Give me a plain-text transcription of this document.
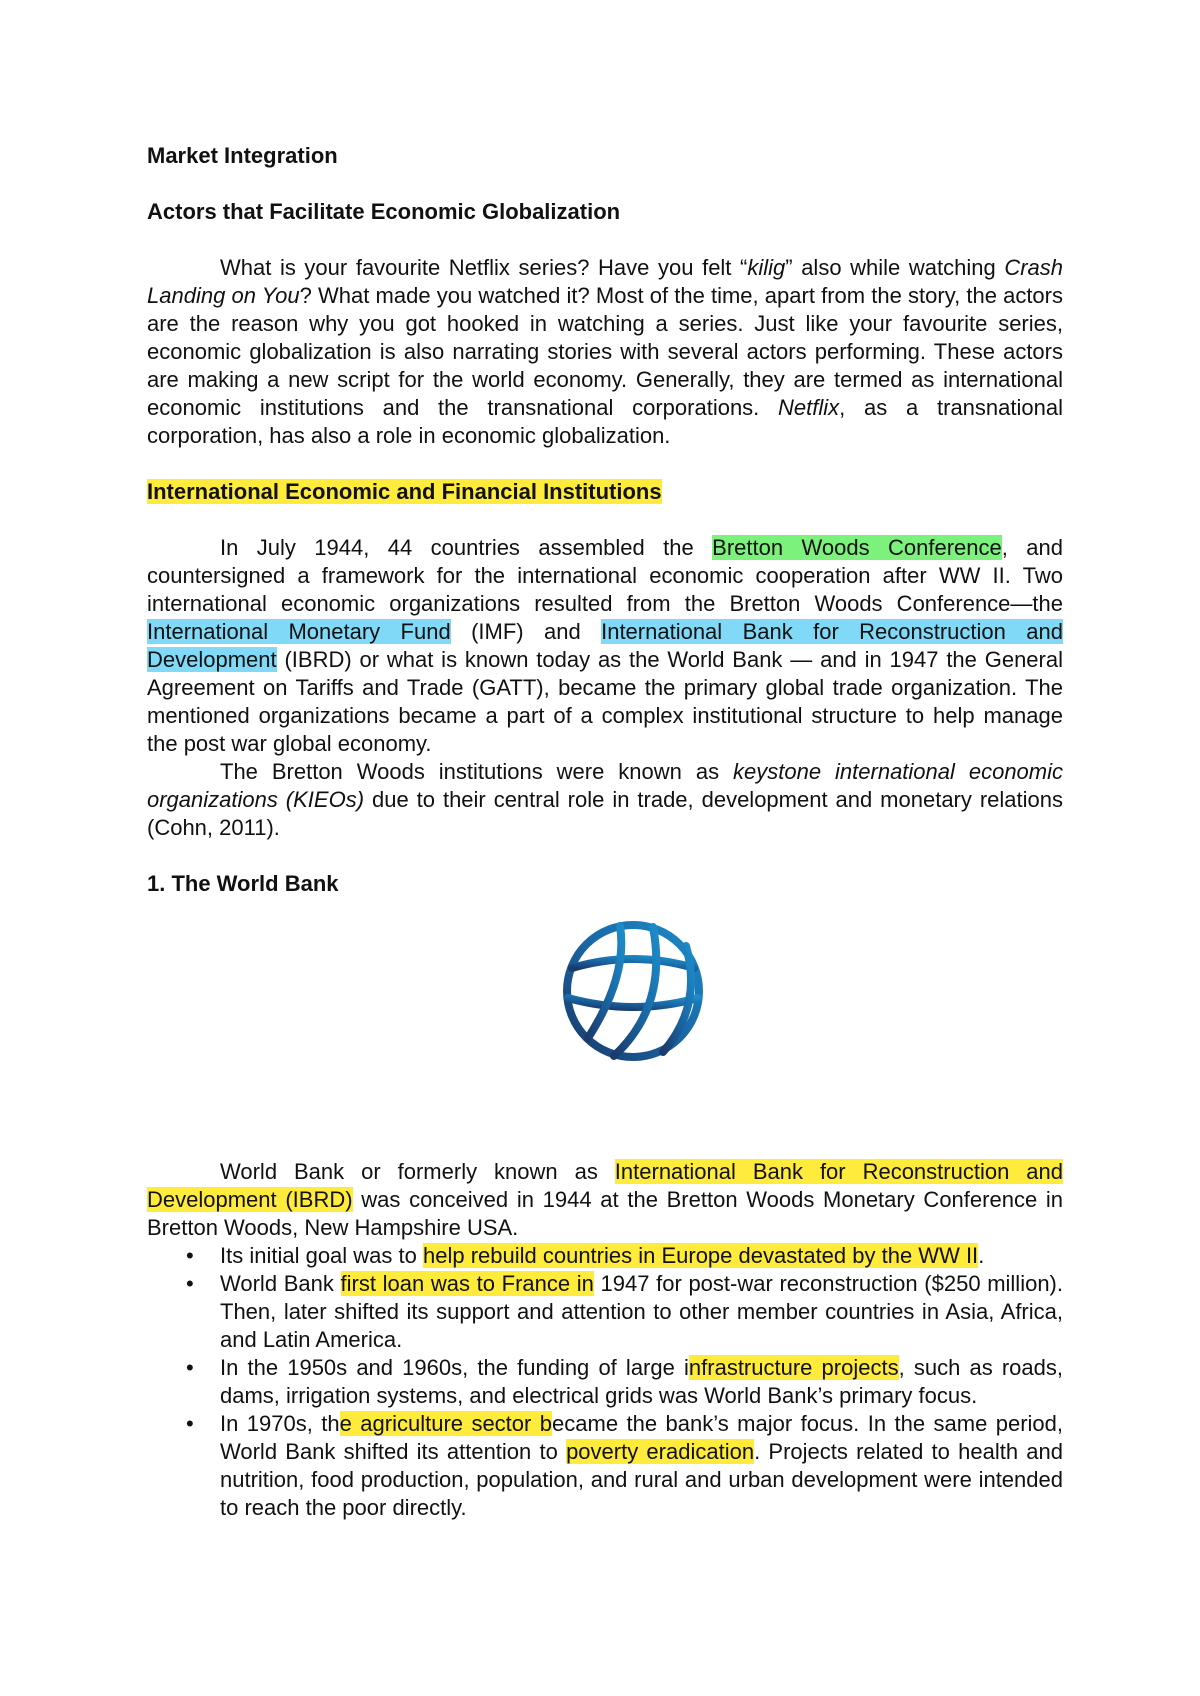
Market Integration
Actors that Facilitate Economic Globalization

What is your favourite Netflix series? Have you felt “kilig” also while watching Crash Landing on You? What made you watched it? Most of the time, apart from the story, the actors are the reason why you got hooked in watching a series. Just like your favourite series, economic globalization is also narrating stories with several actors performing. These actors are making a new script for the world economy. Generally, they are termed as international economic institutions and the transnational corporations. Netflix, as a transnational corporation, has also a role in economic globalization.

International Economic and Financial Institutions

In July 1944, 44 countries assembled the Bretton Woods Conference, and countersigned a framework for the international economic cooperation after WW II. Two international economic organizations resulted from the Bretton Woods Conference—the International Monetary Fund (IMF) and International Bank for Reconstruction and Development (IBRD) or what is known today as the World Bank — and in 1947 the General Agreement on Tariffs and Trade (GATT), became the primary global trade organization. The mentioned organizations became a part of a complex institutional structure to help manage the post war global economy.

The Bretton Woods institutions were known as keystone international economic organizations (KIEOs) due to their central role in trade, development and monetary relations (Cohn, 2011).

1. The World Bank

World Bank or formerly known as International Bank for Reconstruction and Development (IBRD) was conceived in 1944 at the Bretton Woods Monetary Conference in Bretton Woods, New Hampshire USA.

• Its initial goal was to help rebuild countries in Europe devastated by the WW II.
• World Bank first loan was to France in 1947 for post-war reconstruction ($250 million). Then, later shifted its support and attention to other member countries in Asia, Africa, and Latin America.
• In the 1950s and 1960s, the funding of large infrastructure projects, such as roads, dams, irrigation systems, and electrical grids was World Bank’s primary focus.
• In 1970s, the agriculture sector became the bank’s major focus. In the same period, World Bank shifted its attention to poverty eradication. Projects related to health and nutrition, food production, population, and rural and urban development were intended to reach the poor directly.
